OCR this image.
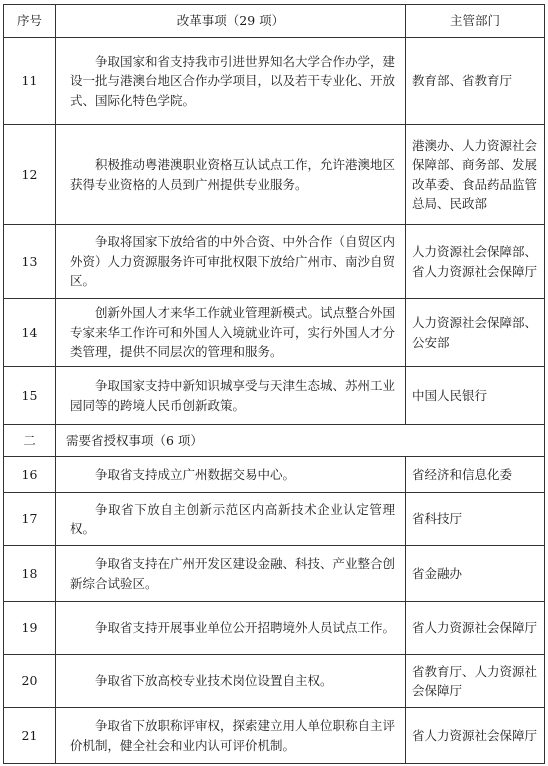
序号	改革事项（29 项）	主管部门
11	争取国家和省支持我市引进世界知名大学合作办学，建设一批与港澳台地区合作办学项目，以及若干专业化、开放式、国际化特色学院。	教育部、省教育厅
12	积极推动粤港澳职业资格互认试点工作，允许港澳地区获得专业资格的人员到广州提供专业服务。	港澳办、人力资源社会保障部、商务部、发展改革委、食品药品监管总局、民政部
13	争取将国家下放给省的中外合资、中外合作（自贸区内外资）人力资源服务许可审批权限下放给广州市、南沙自贸区。	人力资源社会保障部、省人力资源社会保障厅
14	创新外国人才来华工作就业管理新模式。试点整合外国专家来华工作许可和外国人入境就业许可，实行外国人才分类管理，提供不同层次的管理和服务。	人力资源社会保障部、公安部
15	争取国家支持中新知识城享受与天津生态城、苏州工业园同等的跨境人民币创新政策。	中国人民银行
二	需要省授权事项（6 项）	
16	争取省支持成立广州数据交易中心。	省经济和信息化委
17	争取省下放自主创新示范区内高新技术企业认定管理权。	省科技厅
18	争取省支持在广州开发区建设金融、科技、产业整合创新综合试验区。	省金融办
19	争取省支持开展事业单位公开招聘境外人员试点工作。	省人力资源社会保障厅
20	争取省下放高校专业技术岗位设置自主权。	省教育厅、人力资源社会保障厅
21	争取省下放职称评审权，探索建立用人单位职称自主评价机制，健全社会和业内认可评价机制。	省人力资源社会保障厅
